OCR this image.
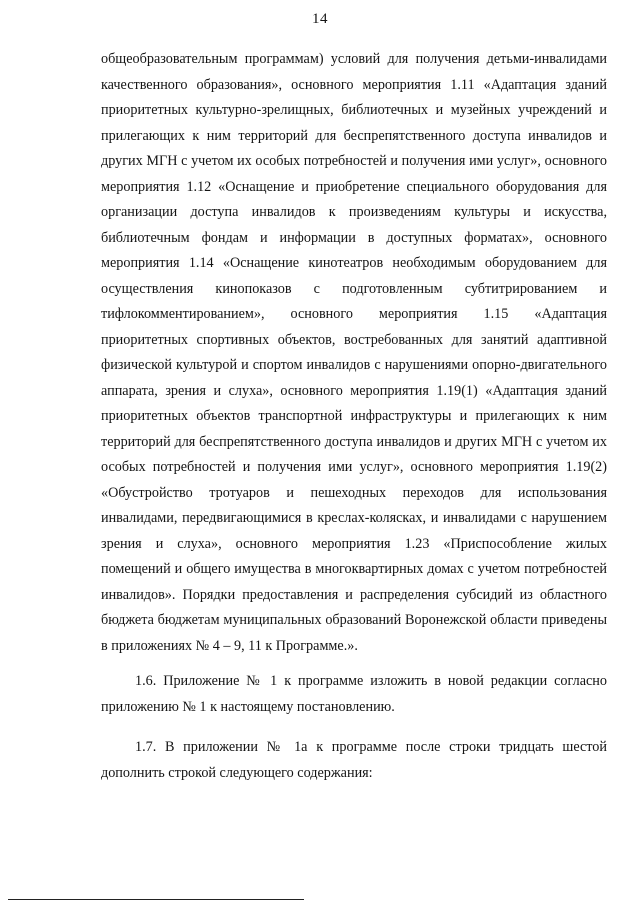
14

общеобразовательным программам) условий для получения детьми-инвалидами качественного образования», основного мероприятия 1.11 «Адаптация зданий приоритетных культурно-зрелищных, библиотечных и музейных учреждений и прилегающих к ним территорий для беспрепятственного доступа инвалидов и других МГН с учетом их особых потребностей и получения ими услуг», основного мероприятия 1.12 «Оснащение и приобретение специального оборудования для организации доступа инвалидов к произведениям культуры и искусства, библиотечным фондам и информации в доступных форматах», основного мероприятия 1.14 «Оснащение кинотеатров необходимым оборудованием для осуществления кинопоказов с подготовленным субтитрированием и тифлокомментированием», основного мероприятия 1.15 «Адаптация приоритетных спортивных объектов, востребованных для занятий адаптивной физической культурой и спортом инвалидов с нарушениями опорно-двигательного аппарата, зрения и слуха», основного мероприятия 1.19(1) «Адаптация зданий приоритетных объектов транспортной инфраструктуры и прилегающих к ним территорий для беспрепятственного доступа инвалидов и других МГН с учетом их особых потребностей и получения ими услуг», основного мероприятия 1.19(2) «Обустройство тротуаров и пешеходных переходов для использования инвалидами, передвигающимися в креслах-колясках, и инвалидами с нарушением зрения и слуха», основного мероприятия 1.23 «Приспособление жилых помещений и общего имущества в многоквартирных домах с учетом потребностей инвалидов». Порядки предоставления и распределения субсидий из областного бюджета бюджетам муниципальных образований Воронежской области приведены в приложениях № 4 – 9, 11 к Программе.».

1.6. Приложение № 1 к программе изложить в новой редакции согласно приложению № 1 к настоящему постановлению.

1.7. В приложении № 1а к программе после строки тридцать шестой дополнить строкой следующего содержания:
